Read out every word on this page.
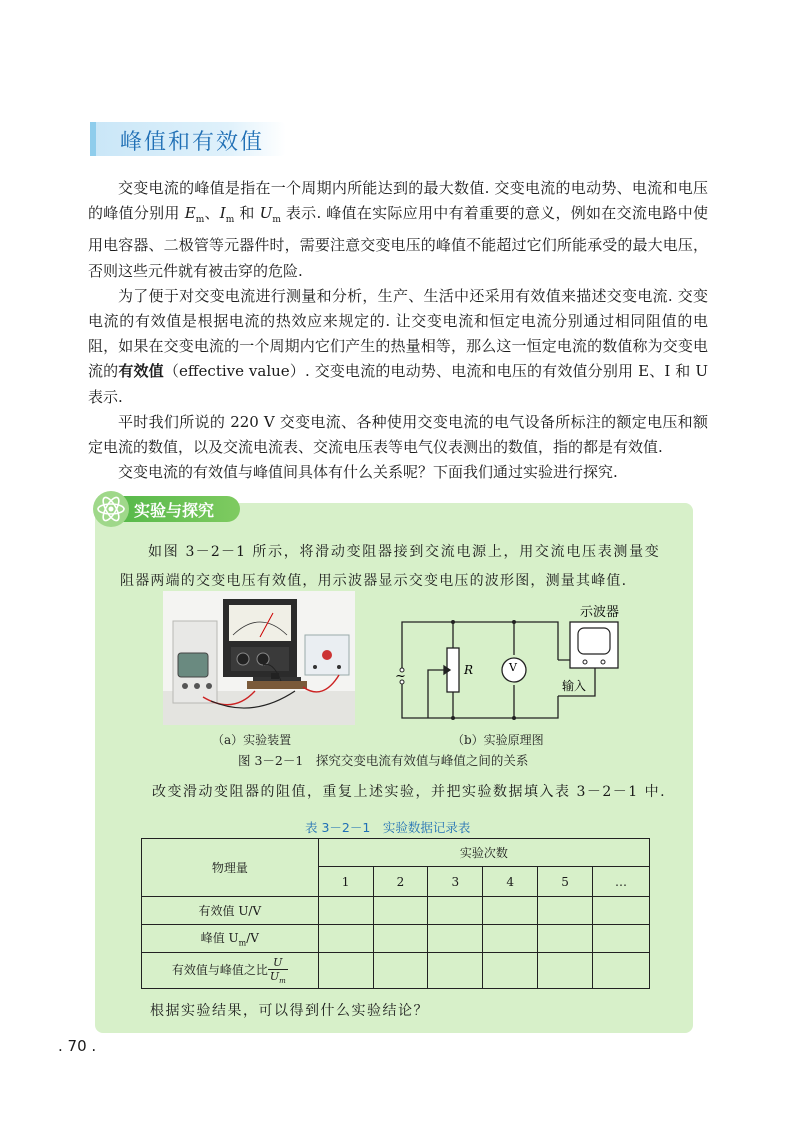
峰值和有效值

交变电流的峰值是指在一个周期内所能达到的最大数值. 交变电流的电动势、电流和电压的峰值分别用 $E_m$、$I_m$ 和 $U_m$ 表示. 峰值在实际应用中有着重要的意义，例如在交流电路中使用电容器、二极管等元器件时，需要注意交变电压的峰值不能超过它们所能承受的最大电压，否则这些元件就有被击穿的危险.

为了便于对交变电流进行测量和分析，生产、生活中还采用有效值来描述交变电流. 交变电流的有效值是根据电流的热效应来规定的. 让交变电流和恒定电流分别通过相同阻值的电阻，如果在交变电流的一个周期内它们产生的热量相等，那么这一恒定电流的数值称为交变电流的有效值（effective value）. 交变电流的电动势、电流和电压的有效值分别用 E、I 和 U 表示.

平时我们所说的 220 V 交变电流、各种使用交变电流的电气设备所标注的额定电压和额定电流的数值，以及交流电流表、交流电压表等电气仪表测出的数值，指的都是有效值.

交变电流的有效值与峰值间具体有什么关系呢？下面我们通过实验进行探究.

实验与探究

如图 3－2－1 所示，将滑动变阻器接到交流电源上，用交流电压表测量变阻器两端的交变电压有效值，用示波器显示交变电压的波形图，测量其峰值.

示波器
输入
R	V
~
（a）实验装置	（b）实验原理图
图 3－2－1　探究交变电流有效值与峰值之间的关系
改变滑动变阻器的阻值，重复上述实验，并把实验数据填入表 3－2－1 中.
表 3－2－1　实验数据记录表
物理量	实验次数					
	1	2	3	4	5	…
有效值 U/V						
峰值 $U_m/V$						
有效值与峰值之比 $\frac{U}{U_m}$

根据实验结果，可以得到什么实验结论？
. 70 .
